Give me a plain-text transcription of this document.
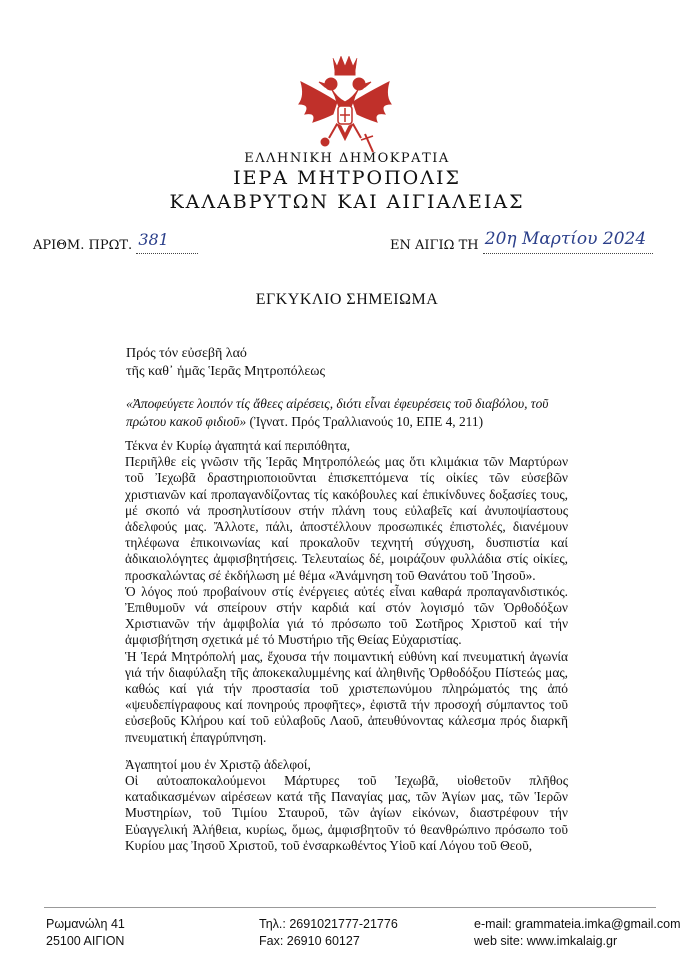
ΕΛΛΗΝΙΚΗ ΔΗΜΟΚΡΑΤΙΑ
ΙΕΡΑ ΜΗΤΡΟΠΟΛΙΣ
ΚΑΛΑΒΡΥΤΩΝ ΚΑΙ ΑΙΓΙΑΛΕΙΑΣ
ΑΡΙΘΜ. ΠΡΩΤ. 381
	ΕΝ ΑΙΓΙΩ ΤΗ 20η Μαρτίου 2024

ΕΓΚΥΚΛΙΟ ΣΗΜΕΙΩΜΑ
Πρός τόν εὐσεβῆ λαό
τῆς καθ᾽ ἡμᾶς Ἱερᾶς Μητροπόλεως
«Ἀποφεύγετε λοιπόν τίς ἄθεες αἱρέσεις, διότι εἶναι ἐφευρέσεις τοῦ διαβόλου, τοῦ πρώτου κακοῦ φιδιοῦ» (Ἰγνατ. Πρός Τραλλιανούς 10, ΕΠΕ 4, 211)

Τέκνα ἐν Κυρίῳ ἀγαπητά καί περιπόθητα,

Περιῆλθε εἰς γνῶσιν τῆς Ἱερᾶς Μητροπόλεώς μας ὅτι κλιμάκια τῶν Μαρτύρων τοῦ Ἰεχωβᾶ δραστηριοποιοῦνται ἐπισκεπτόμενα τίς οἰκίες τῶν εὐσεβῶν χριστιανῶν καί προπαγανδίζοντας τίς κακόβουλες καί ἐπικίνδυνες δοξασίες τους, μέ σκοπό νά προσηλυτίσουν στήν πλάνη τους εὐλαβεῖς καί ἀνυποψίαστους ἀδελφούς μας. Ἄλλοτε, πάλι, ἀποστέλλουν προσωπικές ἐπιστολές, διανέμουν τηλέφωνα ἐπικοινωνίας καί προκαλοῦν τεχνητή σύγχυση, δυσπιστία καί ἀδικαιολόγητες ἀμφισβητήσεις. Τελευταίως δέ, μοιράζουν φυλλάδια στίς οἰκίες, προσκαλώντας σέ ἐκδήλωση μέ θέμα «Ἀνάμνηση τοῦ Θανάτου τοῦ Ἰησοῦ».

Ὁ λόγος πού προβαίνουν στίς ἐνέργειες αὐτές εἶναι καθαρά προπαγανδιστικός. Ἐπιθυμοῦν νά σπείρουν στήν καρδιά καί στόν λογισμό τῶν Ὀρθοδόξων Χριστιανῶν τήν ἀμφιβολία γιά τό πρόσωπο τοῦ Σωτῆρος Χριστοῦ καί τήν ἀμφισβήτηση σχετικά μέ τό Μυστήριο τῆς Θείας Εὐχαριστίας.

Ἡ Ἱερά Μητρόπολή μας, ἔχουσα τήν ποιμαντική εὐθύνη καί πνευματική ἀγωνία γιά τήν διαφύλαξη τῆς ἀποκεκαλυμμένης καί ἀληθινῆς Ὀρθοδόξου Πίστεώς μας, καθώς καί γιά τήν προστασία τοῦ χριστεπωνύμου πληρώματός της ἀπό «ψευδεπίγραφους καί πονηρούς προφῆτες», ἐφιστᾶ τήν προσοχή σύμπαντος τοῦ εὐσεβοῦς Κλήρου καί τοῦ εὐλαβοῦς Λαοῦ, ἀπευθύνοντας κάλεσμα πρός διαρκῆ πνευματική ἐπαγρύπνηση.

Ἀγαπητοί μου ἐν Χριστῷ ἀδελφοί,

Οἱ αὐτοαποκαλούμενοι Μάρτυρες τοῦ Ἰεχωβᾶ, υἱοθετοῦν πλῆθος καταδικασμένων αἱρέσεων κατά τῆς Παναγίας μας, τῶν Ἁγίων μας, τῶν Ἱερῶν Μυστηρίων, τοῦ Τιμίου Σταυροῦ, τῶν ἁγίων εἰκόνων, διαστρέφουν τήν Εὐαγγελική Ἀλήθεια, κυρίως, ὅμως, ἀμφισβητοῦν τό θεανθρώπινο πρόσωπο τοῦ Κυρίου μας Ἰησοῦ Χριστοῦ, τοῦ ἐνσαρκωθέντος Υἱοῦ καί Λόγου τοῦ Θεοῦ,

Ρωμανώλη 41
25100 ΑΙΓΙΟΝ
Τηλ.: 2691021777-21776
Fax: 26910 60127
e-mail: grammateia.imka@gmail.com
web site: www.imkalaig.gr
